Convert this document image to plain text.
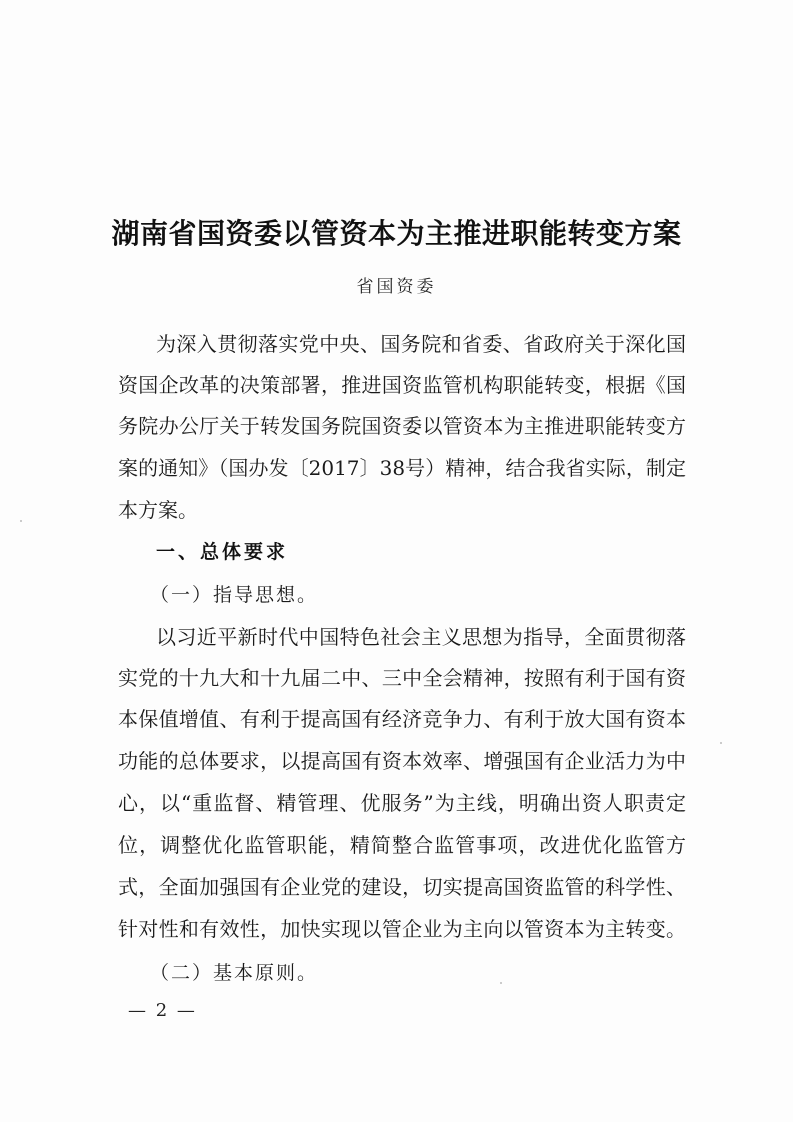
湖南省国资委以管资本为主推进职能转变方案
省国资委
为深入贯彻落实党中央、国务院和省委、省政府关于深化国
资国企改革的决策部署，推进国资监管机构职能转变，根据《国
务院办公厅关于转发国务院国资委以管资本为主推进职能转变方
案的通知》（国办发〔2017〕38号）精神，结合我省实际，制定
本方案。
一、总体要求
（一）指导思想。
以习近平新时代中国特色社会主义思想为指导，全面贯彻落
实党的十九大和十九届二中、三中全会精神，按照有利于国有资
本保值增值、有利于提高国有经济竞争力、有利于放大国有资本
功能的总体要求，以提高国有资本效率、增强国有企业活力为中
心，以“重监督、精管理、优服务”为主线，明确出资人职责定
位，调整优化监管职能，精简整合监管事项，改进优化监管方
式，全面加强国有企业党的建设，切实提高国资监管的科学性、
针对性和有效性，加快实现以管企业为主向以管资本为主转变。
（二）基本原则。
— 2 —
